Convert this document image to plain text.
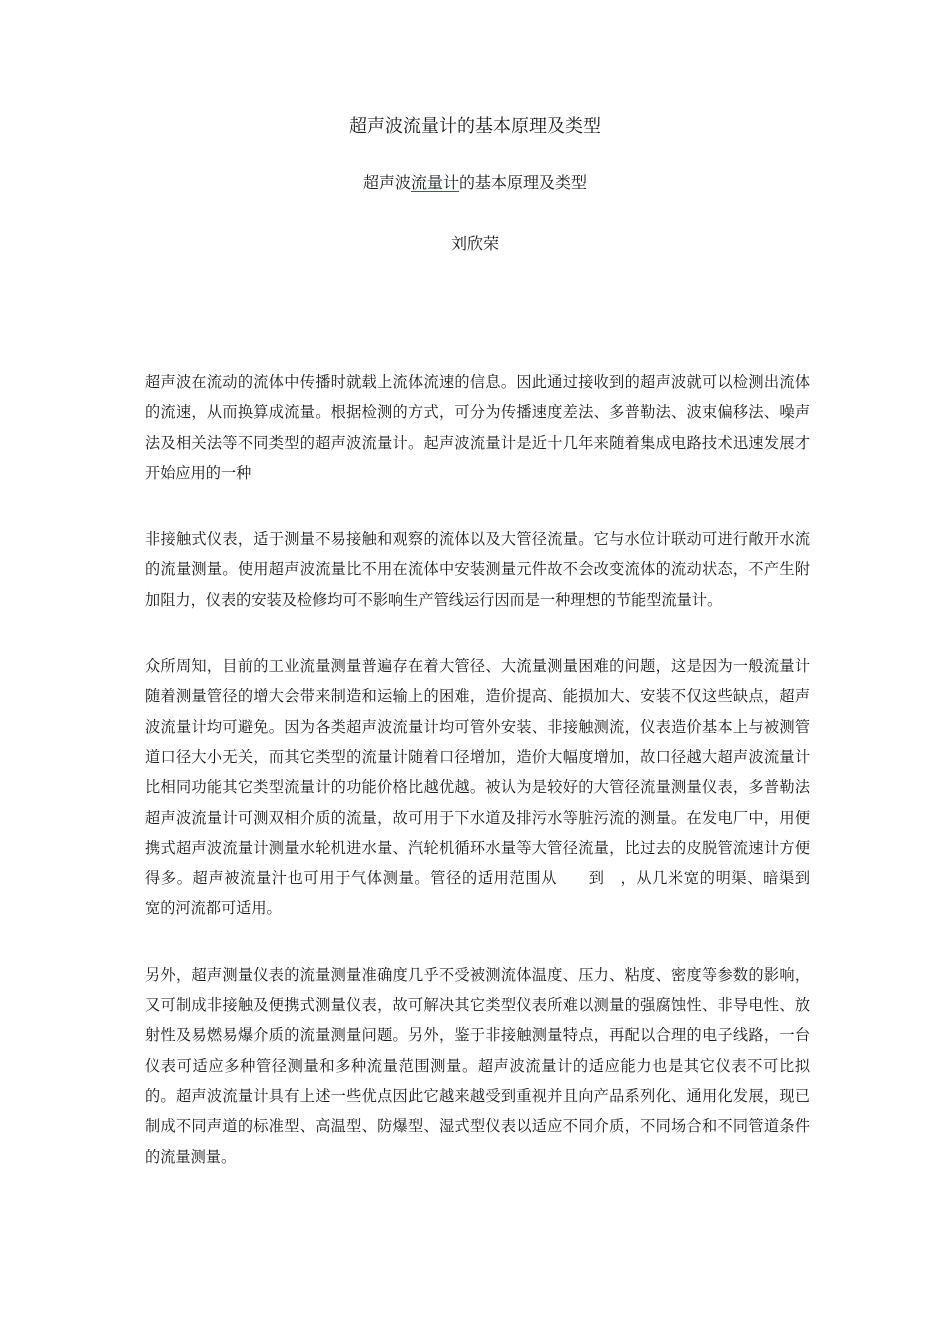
超声波流量计的基本原理及类型
超声波流量计的基本原理及类型
刘欣荣

超声波在流动的流体中传播时就载上流体流速的信息。因此通过接收到的超声波就可以检测出流体的流速，从而换算成流量。根据检测的方式，可分为传播速度差法、多普勒法、波束偏移法、噪声法及相关法等不同类型的超声波流量计。起声波流量计是近十几年来随着集成电路技术迅速发展才开始应用的一种

非接触式仪表，适于测量不易接触和观察的流体以及大管径流量。它与水位计联动可进行敞开水流的流量测量。使用超声波流量比不用在流体中安装测量元件故不会改变流体的流动状态，不产生附加阻力，仪表的安装及检修均可不影响生产管线运行因而是一种理想的节能型流量计。

众所周知，目前的工业流量测量普遍存在着大管径、大流量测量困难的问题，这是因为一般流量计随着测量管径的增大会带来制造和运输上的困难，造价提高、能损加大、安装不仅这些缺点，超声波流量计均可避免。因为各类超声波流量计均可管外安装、非接触测流，仪表造价基本上与被测管道口径大小无关，而其它类型的流量计随着口径增加，造价大幅度增加，故口径越大超声波流量计比相同功能其它类型流量计的功能价格比越优越。被认为是较好的大管径流量测量仪表，多普勒法超声波流量计可测双相介质的流量，故可用于下水道及排污水等脏污流的测量。在发电厂中，用便携式超声波流量计测量水轮机进水量、汽轮机循环水量等大管径流量，比过去的皮脱管流速计方便得多。超声被流量汁也可用于气体测量。管径的适用范围从　　到　，从几米宽的明渠、暗渠到　　宽的河流都可适用。

另外，超声测量仪表的流量测量准确度几乎不受被测流体温度、压力、粘度、密度等参数的影响，又可制成非接触及便携式测量仪表，故可解决其它类型仪表所难以测量的强腐蚀性、非导电性、放射性及易燃易爆介质的流量测量问题。另外，鉴于非接触测量特点，再配以合理的电子线路，一台仪表可适应多种管径测量和多种流量范围测量。超声波流量计的适应能力也是其它仪表不可比拟的。超声波流量计具有上述一些优点因此它越来越受到重视并且向产品系列化、通用化发展，现已制成不同声道的标准型、高温型、防爆型、湿式型仪表以适应不同介质，不同场合和不同管道条件的流量测量。
